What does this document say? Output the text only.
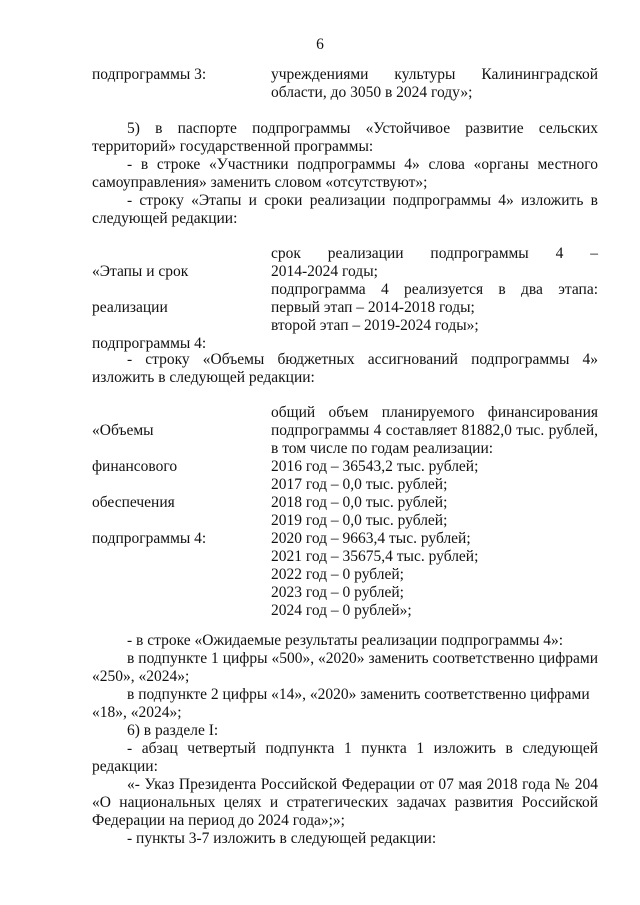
6
подпрограммы 3:	учреждениями культуры Калининградской
области, до 3050 в 2024 году»;
5) в паспорте подпрограммы «Устойчивое развитие сельских
территорий» государственной программы:
- в строке «Участники подпрограммы 4» слова «органы местного
самоуправления» заменить словом «отсутствуют»;
- строку «Этапы и сроки реализации подпрограммы 4» изложить в
следующей редакции:

«Этапы и срок

реализации

подпрограммы 4:

срок реализации подпрограммы 4 –
2014-2024 годы;
подпрограмма 4 реализуется в два этапа:
первый этап – 2014-2018 годы;
второй этап – 2019-2024 годы»;
- строку «Объемы бюджетных ассигнований подпрограммы 4»
изложить в следующей редакции:

«Объемы

финансового

обеспечения

подпрограммы 4:

общий объем планируемого финансирования
подпрограммы 4 составляет 81882,0 тыс. рублей,
в том числе по годам реализации:
2016 год – 36543,2 тыс. рублей;
2017 год – 0,0 тыс. рублей;
2018 год – 0,0 тыс. рублей;
2019 год – 0,0 тыс. рублей;
2020 год – 9663,4 тыс. рублей;
2021 год – 35675,4 тыс. рублей;
2022 год – 0 рублей;
2023 год – 0 рублей;
2024 год – 0 рублей»;
- в строке «Ожидаемые результаты реализации подпрограммы 4»:
в подпункте 1 цифры «500», «2020» заменить соответственно цифрами
«250», «2024»;
в подпункте 2 цифры «14», «2020» заменить соответственно цифрами
«18», «2024»;
6) в разделе I:
- абзац четвертый подпункта 1 пункта 1 изложить в следующей
редакции:
«- Указ Президента Российской Федерации от 07 мая 2018 года № 204
«О национальных целях и стратегических задачах развития Российской
Федерации на период до 2024 года»;»;
- пункты 3-7 изложить в следующей редакции:
